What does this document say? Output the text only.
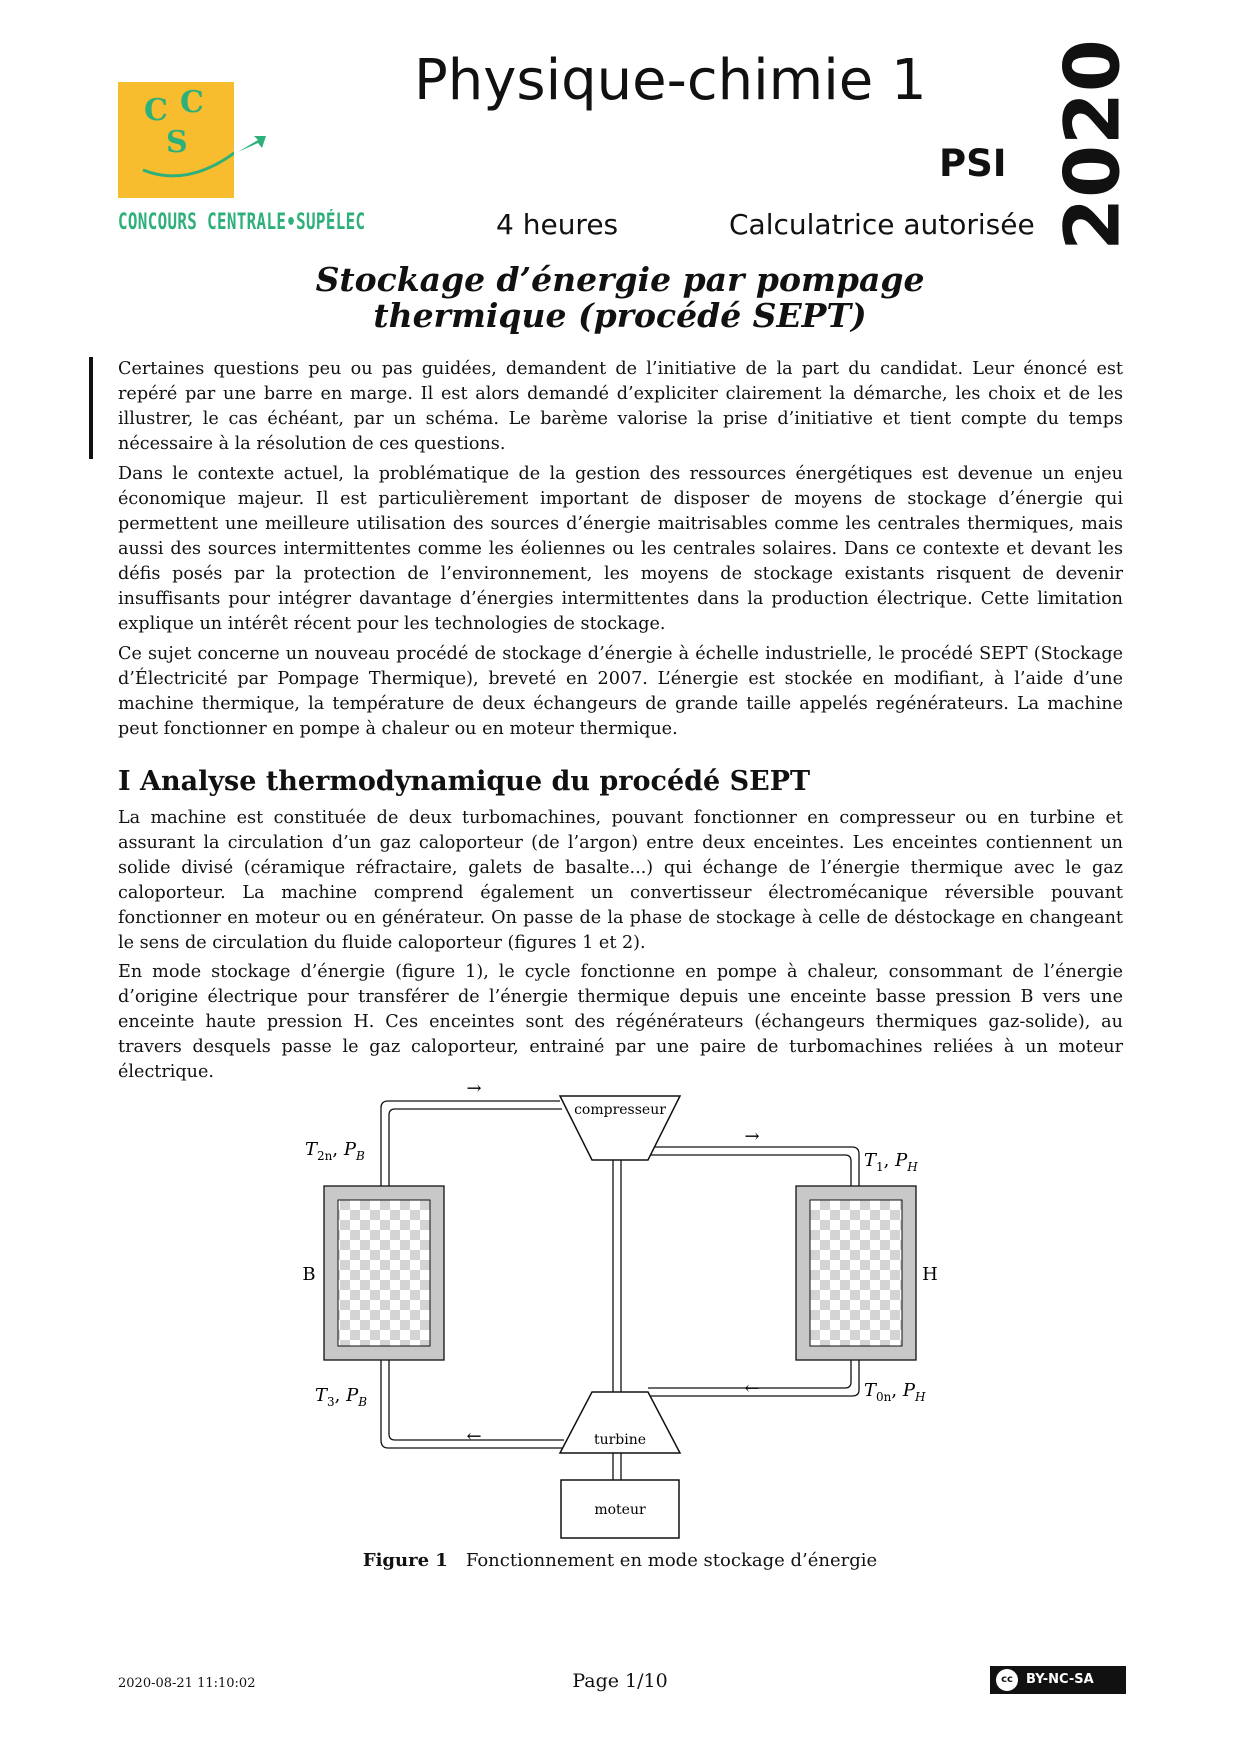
C C
S
CONCOURS CENTRALE•SUPÉLEC
Physique-chimie 1
PSI 2020
4 heures	Calculatrice autorisée
Stockage d’énergie par pompage
thermique (procédé SEPT)
Certaines questions peu ou pas guidées, demandent de l’initiative de la part du candidat. Leur énoncé est repéré par une barre en marge. Il est alors demandé d’expliciter clairement la démarche, les choix et de les illustrer, le cas échéant, par un schéma. Le barème valorise la prise d’initiative et tient compte du temps nécessaire à la résolution de ces questions.
Dans le contexte actuel, la problématique de la gestion des ressources énergétiques est devenue un enjeu économique majeur. Il est particulièrement important de disposer de moyens de stockage d’énergie qui permettent une meilleure utilisation des sources d’énergie maitrisables comme les centrales thermiques, mais aussi des sources intermittentes comme les éoliennes ou les centrales solaires. Dans ce contexte et devant les défis posés par la protection de l’environnement, les moyens de stockage existants risquent de devenir insuffisants pour intégrer davantage d’énergies intermittentes dans la production électrique. Cette limitation explique un intérêt récent pour les technologies de stockage.
Ce sujet concerne un nouveau procédé de stockage d’énergie à échelle industrielle, le procédé SEPT (Stockage d’Électricité par Pompage Thermique), breveté en 2007. L’énergie est stockée en modifiant, à l’aide d’une machine thermique, la température de deux échangeurs de grande taille appelés regénérateurs. La machine peut fonctionner en pompe à chaleur ou en moteur thermique.
I Analyse thermodynamique du procédé SEPT
La machine est constituée de deux turbomachines, pouvant fonctionner en compresseur ou en turbine et assurant la circulation d’un gaz caloporteur (de l’argon) entre deux enceintes. Les enceintes contiennent un solide divisé (céramique réfractaire, galets de basalte...) qui échange de l’énergie thermique avec le gaz caloporteur. La machine comprend également un convertisseur électromécanique réversible pouvant fonctionner en moteur ou en générateur. On passe de la phase de stockage à celle de déstockage en changeant le sens de circulation du fluide caloporteur (figures 1 et 2).
En mode stockage d’énergie (figure 1), le cycle fonctionne en pompe à chaleur, consommant de l’énergie d’origine électrique pour transférer de l’énergie thermique depuis une enceinte basse pression B vers une enceinte haute pression H. Ces enceintes sont des régénérateurs (échangeurs thermiques gaz-solide), au travers desquels passe le gaz caloporteur, entrainé par une paire de turbomachines reliées à un moteur électrique.
compresseur
turbine
moteur
→
→
←
←
B	H
$T_{2n}$, $P_B$	$T_1$, $P_H$
$T_3$, $P_B$
$T_{0n}$, $P_H$
Figure 1 Fonctionnement en mode stockage d’énergie
2020-08-21 11:10:02	Page 1/10	cc	BY-NC-SA
